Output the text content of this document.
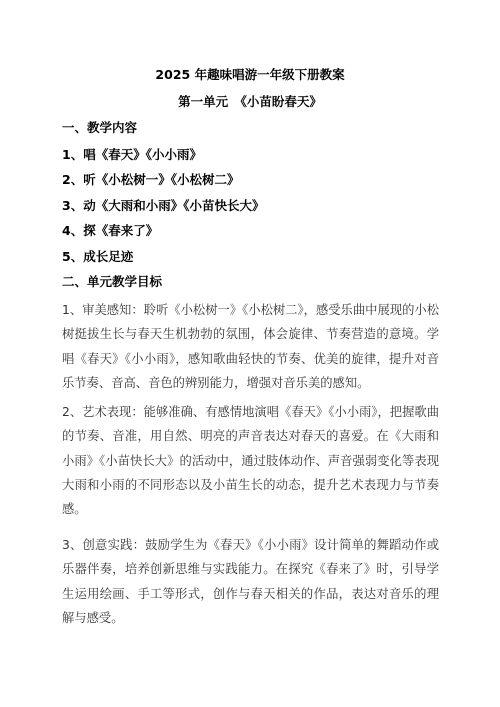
2025 年趣味唱游一年级下册教案
第一单元　《小苗盼春天》
一、教学内容
1、唱《春天》《小小雨》
2、听《小松树一》《小松树二》
3、动《大雨和小雨》《小苗快长大》
4、探《春来了》
5、成长足迹
二、单元教学目标

1、审美感知：聆听《小松树一》《小松树二》，感受乐曲中展现的小松树挺拔生长与春天生机勃勃的氛围，体会旋律、节奏营造的意境。学唱《春天》《小小雨》，感知歌曲轻快的节奏、优美的旋律，提升对音乐节奏、音高、音色的辨别能力，增强对音乐美的感知。

2、艺术表现：能够准确、有感情地演唱《春天》《小小雨》，把握歌曲的节奏、音准，用自然、明亮的声音表达对春天的喜爱。在《大雨和小雨》《小苗快长大》的活动中，通过肢体动作、声音强弱变化等表现大雨和小雨的不同形态以及小苗生长的动态，提升艺术表现力与节奏感。

3、创意实践：鼓励学生为《春天》《小小雨》设计简单的舞蹈动作或乐器伴奏，培养创新思维与实践能力。在探究《春来了》时，引导学生运用绘画、手工等形式，创作与春天相关的作品，表达对音乐的理解与感受。
